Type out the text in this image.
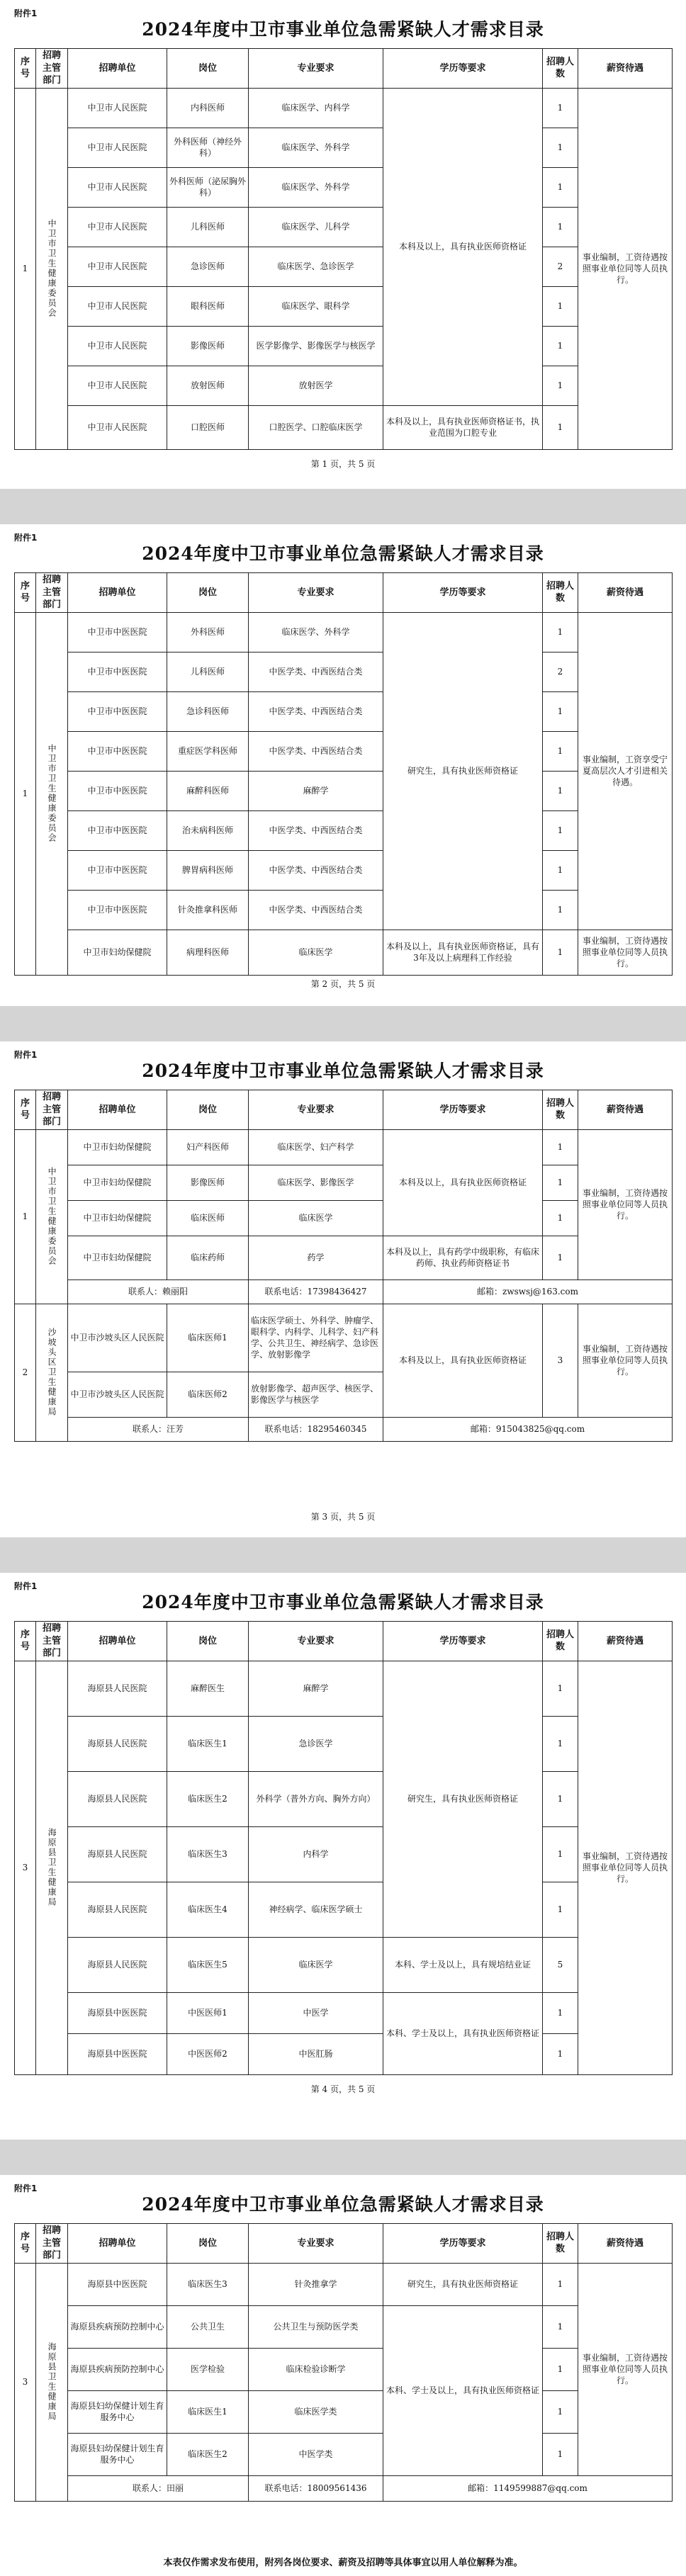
附件1
2024年度中卫市事业单位急需紧缺人才需求目录
序号	招聘主管部门	招聘单位	岗位	专业要求	学历等要求	招聘人数	薪资待遇
1	中卫市卫生健康委员会	中卫市人民医院	内科医师	临床医学、内科学	本科及以上，具有执业医师资格证	1	事业编制，工资待遇按照事业单位同等人员执行。
		中卫市人民医院	外科医师（神经外科）	临床医学、外科学		1	
		中卫市人民医院	外科医师（泌尿胸外科）	临床医学、外科学		1	
		中卫市人民医院	儿科医师	临床医学、儿科学		1	
		中卫市人民医院	急诊医师	临床医学、急诊医学		2	
		中卫市人民医院	眼科医师	临床医学、眼科学		1	
		中卫市人民医院	影像医师	医学影像学、影像医学与核医学		1	
		中卫市人民医院	放射医师	放射医学		1	
		中卫市人民医院	口腔医师	口腔医学、口腔临床医学	本科及以上，具有执业医师资格证书，执业范围为口腔专业	1	
第 1 页，共 5 页
附件1
2024年度中卫市事业单位急需紧缺人才需求目录
序号	招聘主管部门	招聘单位	岗位	专业要求	学历等要求	招聘人数	薪资待遇
1	中卫市卫生健康委员会	中卫市中医医院	外科医师	临床医学、外科学	研究生，具有执业医师资格证	1	事业编制，工资享受宁夏高层次人才引进相关待遇。
		中卫市中医医院	儿科医师	中医学类、中西医结合类		2	
		中卫市中医医院	急诊科医师	中医学类、中西医结合类		1	
		中卫市中医医院	重症医学科医师	中医学类、中西医结合类		1	
		中卫市中医医院	麻醉科医师	麻醉学		1	
		中卫市中医医院	治未病科医师	中医学类、中西医结合类		1	
		中卫市中医医院	脾胃病科医师	中医学类、中西医结合类		1	
		中卫市中医医院	针灸推拿科医师	中医学类、中西医结合类		1	
		中卫市妇幼保健院	病理科医师	临床医学	本科及以上，具有执业医师资格证，具有3年及以上病理科工作经验	1	事业编制，工资待遇按照事业单位同等人员执行。
第 2 页，共 5 页
附件1
2024年度中卫市事业单位急需紧缺人才需求目录
序号	招聘主管部门	招聘单位	岗位	专业要求	学历等要求	招聘人数	薪资待遇
1	中卫市卫生健康委员会	中卫市妇幼保健院	妇产科医师	临床医学、妇产科学	本科及以上，具有执业医师资格证	1	事业编制，工资待遇按照事业单位同等人员执行。
		中卫市妇幼保健院	影像医师	临床医学、影像医学		1	
		中卫市妇幼保健院	临床医师	临床医学		1	
		中卫市妇幼保健院	临床药师	药学	本科及以上，具有药学中级职称，有临床药师、执业药师资格证书	1	
		联系人：赖丽阳		联系电话：17398436427	邮箱：zwswsj@163.com		
2	沙坡头区卫生健康局	中卫市沙坡头区人民医院	临床医师1	临床医学硕士、外科学、肿瘤学、眼科学、内科学、儿科学、妇产科学、公共卫生、神经病学、急诊医学、放射影像学	本科及以上，具有执业医师资格证	3	事业编制，工资待遇按照事业单位同等人员执行。
		中卫市沙坡头区人民医院	临床医师2	放射影像学、超声医学、核医学、影像医学与核医学			
		联系人：汪芳		联系电话：18295460345	邮箱：915043825@qq.com		
第 3 页，共 5 页
附件1
2024年度中卫市事业单位急需紧缺人才需求目录
序号	招聘主管部门	招聘单位	岗位	专业要求	学历等要求	招聘人数	薪资待遇
3	海原县卫生健康局	海原县人民医院	麻醉医生	麻醉学	研究生，具有执业医师资格证	1	事业编制，工资待遇按照事业单位同等人员执行。
		海原县人民医院	临床医生1	急诊医学		1	
		海原县人民医院	临床医生2	外科学（普外方向、胸外方向）		1	
		海原县人民医院	临床医生3	内科学		1	
		海原县人民医院	临床医生4	神经病学、临床医学硕士		1	
		海原县人民医院	临床医生5	临床医学	本科、学士及以上，具有规培结业证	5	
		海原县中医医院	中医医师1	中医学	本科、学士及以上，具有执业医师资格证	1	
		海原县中医医院	中医医师2	中医肛肠		1	
第 4 页，共 5 页
附件1
2024年度中卫市事业单位急需紧缺人才需求目录
序号	招聘主管部门	招聘单位	岗位	专业要求	学历等要求	招聘人数	薪资待遇
3	海原县卫生健康局	海原县中医医院	临床医生3	针灸推拿学	研究生，具有执业医师资格证	1	事业编制，工资待遇按照事业单位同等人员执行。
		海原县疾病预防控制中心	公共卫生	公共卫生与预防医学类	本科、学士及以上，具有执业医师资格证	1	
		海原县疾病预防控制中心	医学检验	临床检验诊断学		1	
		海原县妇幼保健计划生育服务中心	临床医生1	临床医学类		1	
		海原县妇幼保健计划生育服务中心	临床医生2	中医学类		1	
		联系人：田丽		联系电话：18009561436	邮箱：1149599887@qq.com		
本表仅作需求发布使用，附列各岗位要求、薪资及招聘等具体事宜以用人单位解释为准。
